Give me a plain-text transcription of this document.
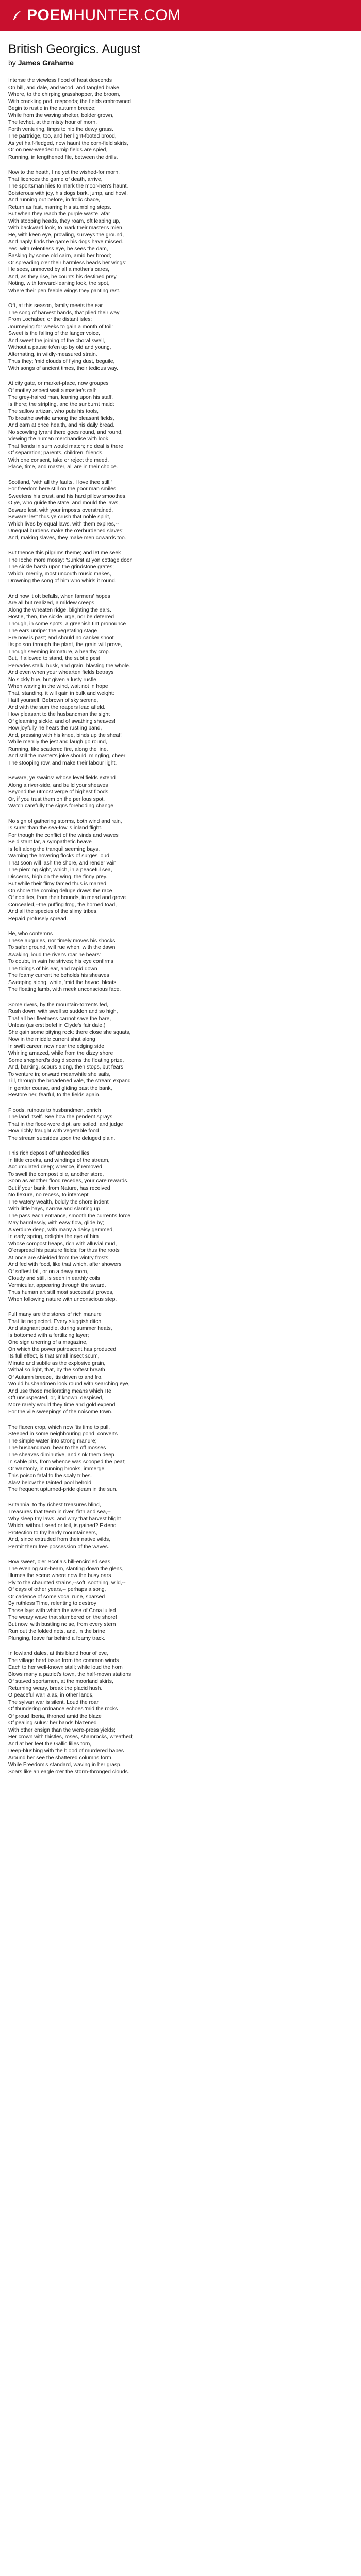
POEM HUNTER.COM
British Georgics. August
by James Grahame
Intense the viewless flood of heat descends
On hill, and dale, and wood, and tangled brake,
Where, to the chirping grasshopper, the broom,
With crackling pod, responds; the fields embrowned,
Begin to rustle in the autumn breeze;
While from the waving shelter, bolder grown,
The levhet, at the misty hour of morn,
Forth venturing, limps to nip the dewy grass.
The partridge, too, and her light-footed brood,
As yet half-fledged, now haunt the corn-field skirts,
Or on new-weeded turnip fields are spied,
Running, in lengthened file, between the drills.
Now to the heath, I ne yet the wished-for morn,
That licences the game of death, arrive,
The sportsman hies to mark the moor-hen's haunt.
Boisterous with joy, his dogs bark, jump, and howl,
And running out before, in frolic chace,
Return as fast, marring his stumbling steps.
But when they reach the purple waste, afar
With stooping heads, they roam, oft leaping up,
With backward look, to mark their master's mien.
He, with keen eye, prowling, surveys the ground,
And haply finds the game his dogs have missed.
Yes, with relentless eye, he sees the dam,
Basking by some old cairn, amid her brood;
Or spreading o'er their harmless heads her wings:
He sees, unmoved by all a mother's cares,
And, as they rise, he counts his destined prey.
Noting, with forward-leaning look, the spot,
Where their pen feeble wings they panting rest.
Oft, at this season, family meets the ear
The song of harvest bands, that plied their way
From Lochaber, or the distant isles;
Journeying for weeks to gain a month of toil:
Sweet is the falling of the Ianger voice,
And sweet the joining of the choral swell,
Without a pause to'en up by old and young,
Alternating, in wildly-measured strain.
Thus they; 'mid clouds of flying dust, beguile,
With songs of ancient times, their tedious way.
At city gate, or market-place, now groupes
Of motley aspect wait a master's call:
The grey-haired man, leaning upon his staff,
Is there; the stripling, and the sunburnt maid:
The sallow artizan, who puts his tools,
To breathe awhile among the pleasant fields,
And earn at once health, and his daily bread.
No scowling tyrant there goes round, and round,
Viewing the human merchandise with look
That fiends in sum would match; no deal is there
Of separation; parents, children, friends,
With one consent, take or reject the meed.
Place, time, and master, all are in their choice.
Scotland, 'with all thy faults, I love thee still!'
For freedom here still on the poor man smiles,
Sweetens his crust, and his hard pillow smoothes.
O ye, who guide the state, and mould the laws,
Beware lest, with your imposts overstrained,
Beware! lest thus ye crush that noble spirit,
Which lives by equal laws, with them expires,--
Unequal burdens make the o'erburdened slaves;
And, making slaves, they make men cowards too.
But thence this pilgrims theme; and let me seek
The Ioche more mossy: 'Sunk'st at yon cottage door
The sickle harsh upon the grindstone grates;
Which, merrily, most uncouth music makes,
Drowning the song of him who whirls it round.
And now it oft befalls, when farmers' hopes
Are all but realized, a mildew creeps
Along the wheaten ridge, blighting the ears.
Hostle, then, the sickle urge, nor be deterred
Though, in some spots, a greenish tint pronounce
The ears unripe: the vegetating stage
Ere now is past; and should no canker shoot
Its poison through the plant, the grain will prove,
Though seeming immature, a healthy crop.
But, if allowed to stand, the subtle pest
Pervades stalk, husk, and grain, blasting the whole.
And even when your whearten fields betrays
No sickly hue, but given a lusty rustle,
When waving in the wind, wait not in hope
That, standing, it will gain in bulk and weight:
Hail! yourself! Bebrown of sky serene,
And with the sum the reapers lead afield.
How pleasant to the husbandman the sight
Of gleaming sickle, and of swathing sheaves!
How joyfully he hears the rustling band,
And, pressing with his knee, binds up the sheaf!
While merrily the jest and laugh go round,
Running, like scattered fire, along the line.
And still the master's joke should, mingling, cheer
The stooping row, and make their labour light.
Beware, ye swains! whose level fields extend
Along a river-side, and build your sheaves
Beyond the utmost verge of highest floods.
Or, if you trust them on the perilous spot,
Watch carefully the signs foreboding change.
No sign of gathering storms, both wind and rain,
Is surer than the sea-fowl's inland flight.
For though the conflict of the winds and waves
Be distant far, a sympathetic heave
Is felt along the tranquil seeming bays,
Warning the hovering flocks of surges loud
That soon will lash the shore, and render vain
The piercing sight, which, in a peaceful sea,
Discerns, high on the wing, the finny prey.
But while their flimy famed thus is marred,
On shore the coming deluge draws the race
Of noplites, from their hounds, in mead and grove
Concealed,--the puffing frog, the horned toad,
And all the species of the slimy tribes,
Repaid profusely spread.
He, who contemns
These auguries, nor timely moves his shocks
To safer ground, will rue when, with the dawn
Awaking, loud the river's roar he hears:
To doubt, in vain he strives; his eye confirms
The tidings of his ear, and rapid down
The foamy current he beholds his sheaves
Sweeping along, while, 'mid the havoc, bleats
The floating lamb, with meek unconscious face.
Some rivers, by the mountain-torrents fed,
Rush down, with swell so sudden and so high,
That all her fleetness cannot save the hare,
Unless (as erst befel in Clyde's fair dale,)
She gain some pitying rock: there close she squats,
Now in the middle current shut along
In swift career, now near the edging side
Whirling amazed, while from the dizzy shore
Some shepherd's dog discerns the floating prize,
And, barking, scours along, then stops, but fears
To venture in; onward meanwhile she sails,
Till, through the broadened vale, the stream expand
In gentler course, and gliding past the bank,
Restore her, fearful, to the fields again.
Floods, ruinous to husbandmen, enrich
The land itself. See how the pendent sprays
That in the flood-were dipt, are soiled, and judge
How richly fraught with vegetable food
The stream subsides upon the deluged plain.
This rich deposit off unheeded lies
In little creeks, and windings of the stream,
Accumulated deep; whence, if removed
To swell the compost pile, another store,
Soon as another flood recedes, your care rewards.
But if your bank, from Nature, has received
No flexure, no recess, to intercept
The watery wealth, boldly the shore indent
With little bays, narrow and slanting up,
The pass each entrance, smooth the current's force
May harmlessly, with easy flow, glide by;
A verdure deep, with many a daisy gemmed,
In early spring, delights the eye of him
Whose compost heaps, rich with alluvial mud,
O'erspread his pasture fields; for thus the roots
At once are shielded from the wintry frosts,
And fed with food, like that which, after showers
Of softest fall, or on a dewy morn,
Cloudy and still, is seen in earthly coils
Vermicular, appearing through the sward.
Thus human art still most successful proves,
When following nature with unconscious step.
Full many are the stores of rich manure
That lie neglected. Every sluggish ditch
And stagnant puddle, during summer heats,
Is bottomed with a fertilizing layer;
One sign unerring of a magazine,
On which the power putrescent has produced
Its full effect, is that small insect scum,
Minute and subtle as the explosive grain,
Withal so light, that, by the softest breath
Of Autumn breeze, 'tis driven to and fro.
Would husbandmen look round with searching eye,
And use those meliorating means which He
Oft unsuspected, or, if known, despised,
More rarely would they time and gold expend
For the vile sweepings of the noisome town.
The flaxen crop, which now 'tis time to pull,
Steeped in some neighbouring pond, converts
The simple water into strong manure;
The husbandman, bear to the off mosses
The sheaves diminutive, and sink them deep
In sable pits, from whence was scooped the peat;
Or wantonly, in running brooks, immerge
This poison fatal to the scaly tribes.
Alas! below the tainted pool behold
The frequent upturned-pride gleam in the sun.
Britannia, to thy richest treasures blind,
Treasures that teem in river, firth and sea,--
Why sleep thy laws, and why that harvest blight
Which, without seed or toil, is gained? Extend
Protection to thy hardy mountaineers,
And, since extruded from their native wilds,
Permit them free possession of the waves.
How sweet, o'er Scotia's hill-encircled seas,
The evening sun-beam, slanting down the glens,
Illumes the scene where now the busy oars
Ply to the chaunted strains,--soft, soothing, wild,--
Of days of other years,-- perhaps a song,
Or cadence of some vocal rune, sparsed
By ruthless Time, relenting to destroy
Those lays with which the wise of Cona lulled
The weary wave that slumbered on the shore!
But now, with bustling noise, from every stern
Run out the folded nets, and, in the brine
Plunging, leave far behind a foamy track.
In lowland dales, at this bland hour of eve,
The village herd issue from the common winds
Each to her well-known stall; while loud the horn
Blows many a patriot's town, the half-mown stations
Of staved sportsmen, at the moorland skirts,
Returning weary, break the placid hush.
O peaceful war! alas, in other lands,
The sylvan war is silent. Loud the roar
Of thundering ordnance echoes 'mid the rocks
Of proud Iberia, throned amid the blaze
Of pealing sulus: her bands blazened
With other ensign than the were-press yields;
Her crown with thistles, roses, shamrocks, wreathed;
And at her feet the Gallic lilies torn,
Deep-blushing with the blood of murdered babes
Around her see the shattered columns form,
While Freedom's standard, waving in her grasp,
Soars like an eagle o'er the storm-thronged clouds.
